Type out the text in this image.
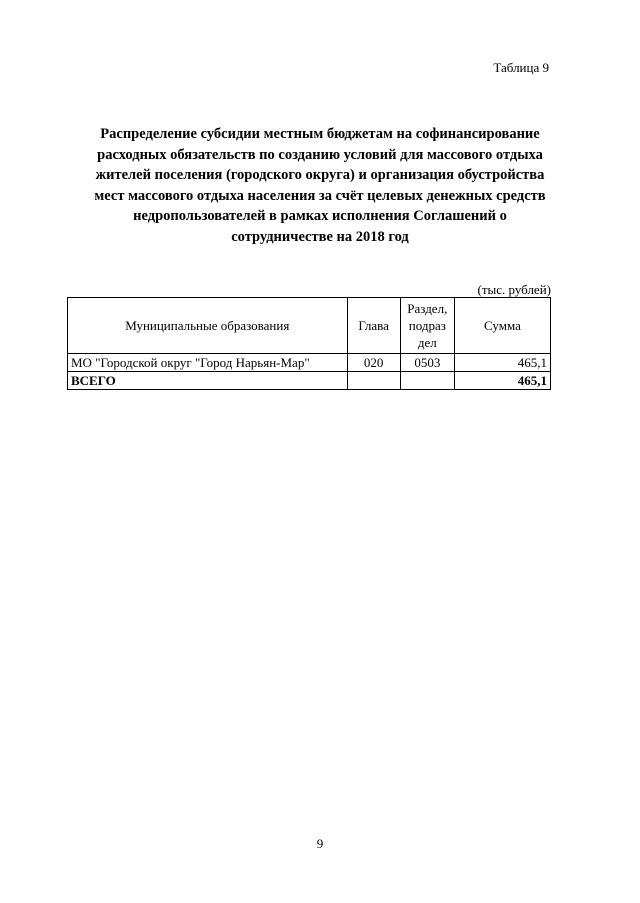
Таблица 9
Распределение субсидии местным бюджетам на софинансирование
расходных обязательств по созданию условий для массового отдыха
жителей поселения (городского округа) и организация обустройства
мест массового отдыха населения за счёт целевых денежных средств
недропользователей в рамках исполнения Соглашений о
сотрудничестве на 2018 год
(тыс. рублей)
Муниципальные образования	Глава	Раздел,
подраз
дел	Сумма
МО "Городской округ "Город Нарьян-Мар"	020	0503	465,1
ВСЕГО			465,1
9
